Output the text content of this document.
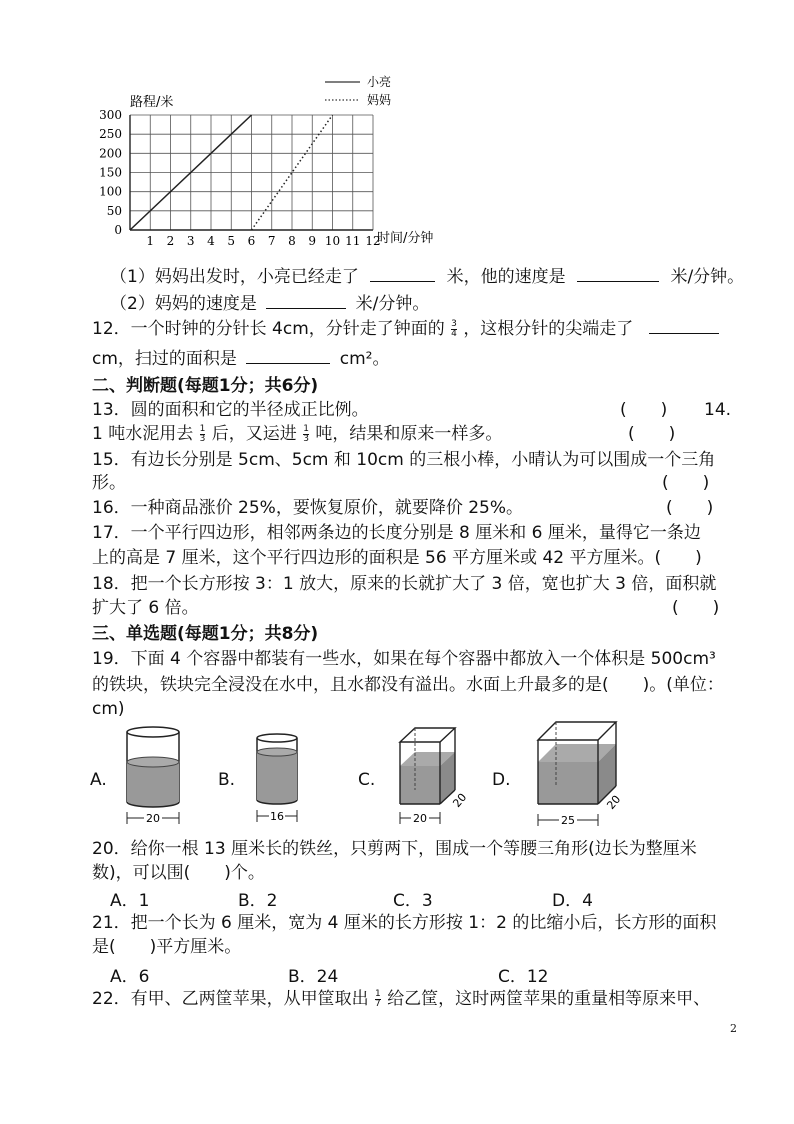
1 2 3 4 5 6 7 8 9 10 11 12
0
50
100
150
200
250
300
路程/米
时间/分钟
小亮
妈妈
（1）妈妈出发时，小亮已经走了	米，他的速度是	米/分钟。
（2）妈妈的速度是	米/分钟。
12．一个时钟的分针长 4cm，分针走了钟面的 $\frac{3}{4}$ ，这根分针的尖端走了
cm，扫过的面积是	cm²。
二、判断题(每题1分；共6分)
13．圆的面积和它的半径成正比例。	(　　) 14.
1 吨水泥用去 $\frac{1}{3}$ 后，又运进 $\frac{1}{3}$ 吨，结果和原来一样多。	(　　)
15．有边长分别是 5cm、5cm 和 10cm 的三根小棒，小晴认为可以围成一个三角
形。	(　　)
16．一种商品涨价 25%，要恢复原价，就要降价 25%。	(　　)
17．一个平行四边形，相邻两条边的长度分别是 8 厘米和 6 厘米，量得它一条边
上的高是 7 厘米，这个平行四边形的面积是 56 平方厘米或 42 平方厘米。(　　)
18．把一个长方形按 3：1 放大，原来的长就扩大了 3 倍，宽也扩大 3 倍，面积就
扩大了 6 倍。	(　　)
三、单选题(每题1分；共8分)
19．下面 4 个容器中都装有一些水，如果在每个容器中都放入一个体积是 500cm³
的铁块，铁块完全浸没在水中，且水都没有溢出。水面上升最多的是(　　)。(单位：
cm)
A.
20
B.
16
C.
20
20
D.
25
20
20．给你一根 13 厘米长的铁丝，只剪两下，围成一个等腰三角形(边长为整厘米
数)，可以围(　　)个。
A．1	B．2	C．3	D．4
21．把一个长为 6 厘米，宽为 4 厘米的长方形按 1：2 的比缩小后，长方形的面积
是(　　)平方厘米。
A．6	B．24	C．12
22．有甲、乙两筐苹果，从甲筐取出 $\frac{1}{7}$ 给乙筐，这时两筐苹果的重量相等原来甲、
2
